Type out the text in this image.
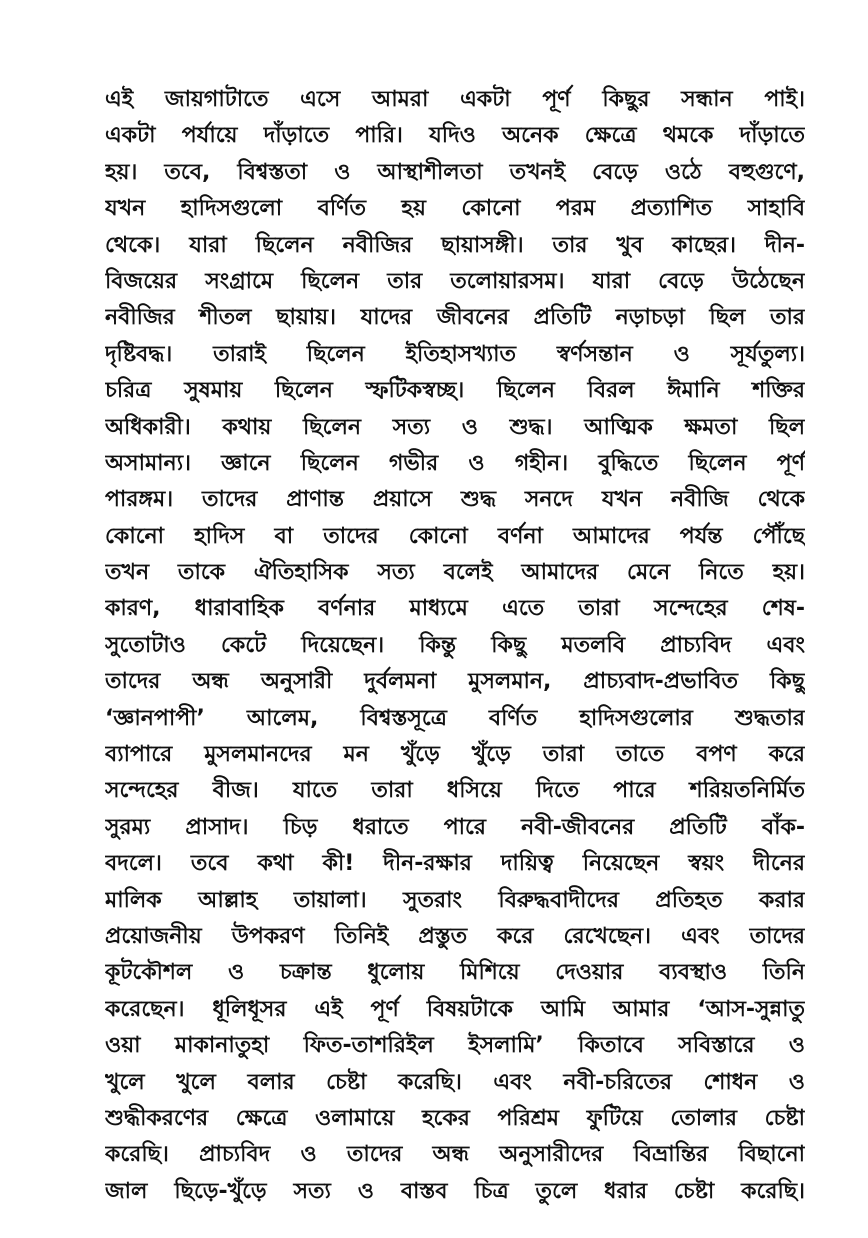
এই জায়গাটাতে এসে আমরা একটা পূর্ণ কিছুর সন্ধান পাই।
একটা পর্যায়ে দাঁড়াতে পারি। যদিও অনেক ক্ষেত্রে থমকে দাঁড়াতে
হয়। তবে, বিশ্বস্ততা ও আস্থাশীলতা তখনই বেড়ে ওঠে বহুগুণে,
যখন হাদিসগুলো বর্ণিত হয় কোনো পরম প্রত্যাশিত সাহাবি
থেকে। যারা ছিলেন নবীজির ছায়াসঙ্গী। তার খুব কাছের। দীন-
বিজয়ের সংগ্রামে ছিলেন তার তলোয়ারসম। যারা বেড়ে উঠেছেন
নবীজির শীতল ছায়ায়। যাদের জীবনের প্রতিটি নড়াচড়া ছিল তার
দৃষ্টিবদ্ধ। তারাই ছিলেন ইতিহাসখ্যাত স্বর্ণসন্তান ও সূর্যতুল্য।
চরিত্র সুষমায় ছিলেন স্ফটিকস্বচ্ছ। ছিলেন বিরল ঈমানি শক্তির
অধিকারী। কথায় ছিলেন সত্য ও শুদ্ধ। আত্মিক ক্ষমতা ছিল
অসামান্য। জ্ঞানে ছিলেন গভীর ও গহীন। বুদ্ধিতে ছিলেন পূর্ণ
পারঙ্গম। তাদের প্রাণান্ত প্রয়াসে শুদ্ধ সনদে যখন নবীজি থেকে
কোনো হাদিস বা তাদের কোনো বর্ণনা আমাদের পর্যন্ত পৌঁছে
তখন তাকে ঐতিহাসিক সত্য বলেই আমাদের মেনে নিতে হয়।
কারণ, ধারাবাহিক বর্ণনার মাধ্যমে এতে তারা সন্দেহের শেষ-
সুতোটাও কেটে দিয়েছেন। কিন্তু কিছু মতলবি প্রাচ্যবিদ এবং
তাদের অন্ধ অনুসারী দুর্বলমনা মুসলমান, প্রাচ্যবাদ-প্রভাবিত কিছু
‘জ্ঞানপাপী’ আলেম, বিশ্বস্তসূত্রে বর্ণিত হাদিসগুলোর শুদ্ধতার
ব্যাপারে মুসলমানদের মন খুঁড়ে খুঁড়ে তারা তাতে বপণ করে
সন্দেহের বীজ। যাতে তারা ধসিয়ে দিতে পারে শরিয়তনির্মিত
সুরম্য প্রাসাদ। চিড় ধরাতে পারে নবী-জীবনের প্রতিটি বাঁক-
বদলে। তবে কথা কী! দীন-রক্ষার দায়িত্ব নিয়েছেন স্বয়ং দীনের
মালিক আল্লাহ তায়ালা। সুতরাং বিরুদ্ধবাদীদের প্রতিহত করার
প্রয়োজনীয় উপকরণ তিনিই প্রস্তুত করে রেখেছেন। এবং তাদের
কূটকৌশল ও চক্রান্ত ধুলোয় মিশিয়ে দেওয়ার ব্যবস্থাও তিনি
করেছেন। ধূলিধূসর এই পূর্ণ বিষয়টাকে আমি আমার ‘আস-সুন্নাতু
ওয়া মাকানাতুহা ফিত-তাশরিইল ইসলামি’ কিতাবে সবিস্তারে ও
খুলে খুলে বলার চেষ্টা করেছি। এবং নবী-চরিতের শোধন ও
শুদ্ধীকরণের ক্ষেত্রে ওলামায়ে হকের পরিশ্রম ফুটিয়ে তোলার চেষ্টা
করেছি। প্রাচ্যবিদ ও তাদের অন্ধ অনুসারীদের বিভ্রান্তির বিছানো
জাল ছিড়ে-খুঁড়ে সত্য ও বাস্তব চিত্র তুলে ধরার চেষ্টা করেছি।
